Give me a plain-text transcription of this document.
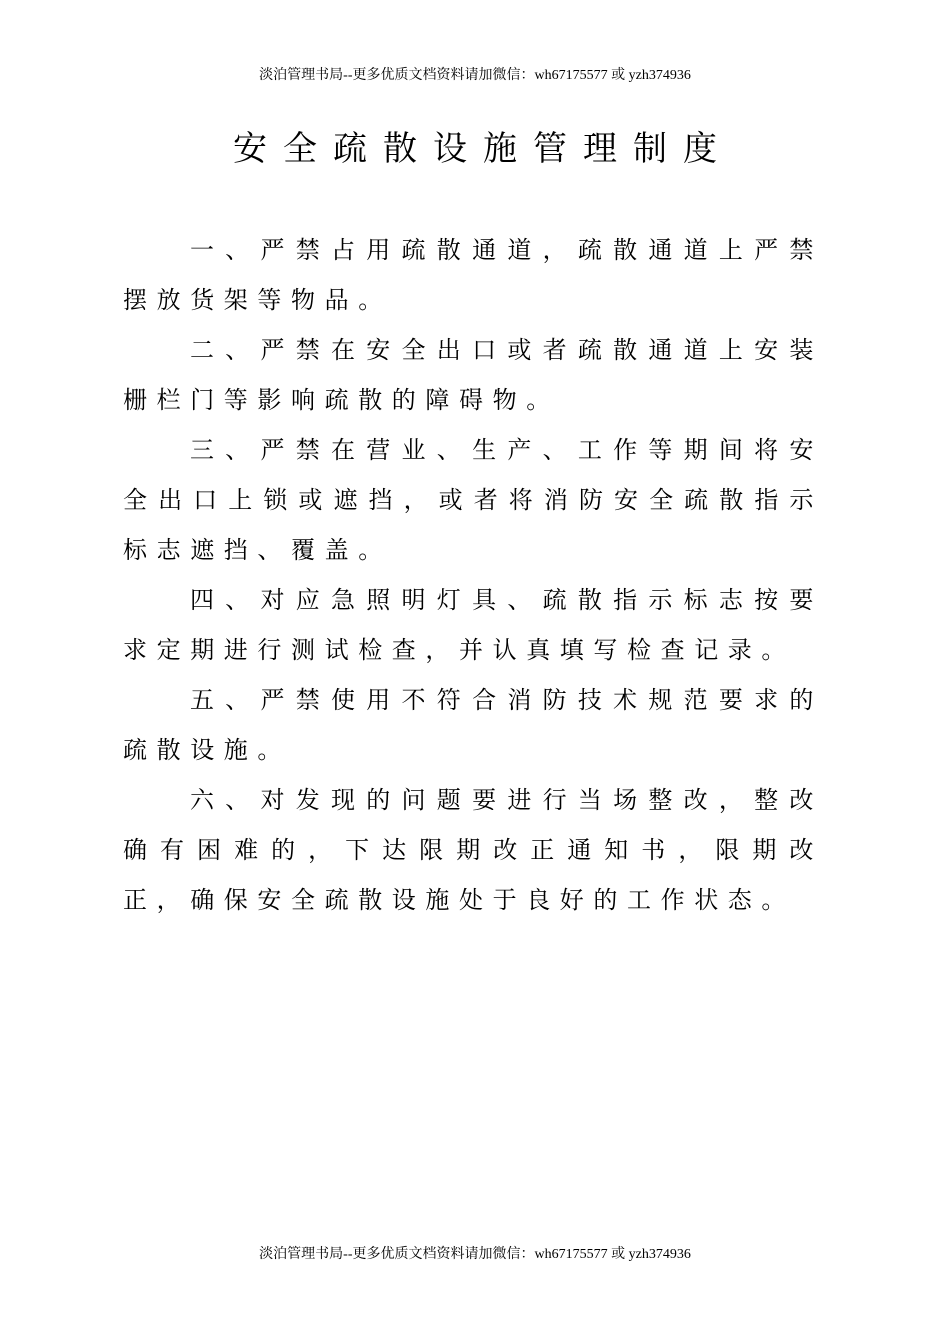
淡泊管理书局--更多优质文档资料请加微信：wh67175577 或 yzh374936
安全疏散设施管理制度

一、严禁占用疏散通道，疏散通道上严禁摆放货架等物品。

二、严禁在安全出口或者疏散通道上安装栅栏门等影响疏散的障碍物。

三、严禁在营业、生产、工作等期间将安全出口上锁或遮挡，或者将消防安全疏散指示标志遮挡、覆盖。

四、对应急照明灯具、疏散指示标志按要求定期进行测试检查，并认真填写检查记录。

五、严禁使用不符合消防技术规范要求的疏散设施。

六、对发现的问题要进行当场整改，整改确有困难的，下达限期改正通知书，限期改正，确保安全疏散设施处于良好的工作状态。

淡泊管理书局--更多优质文档资料请加微信：wh67175577 或 yzh374936
